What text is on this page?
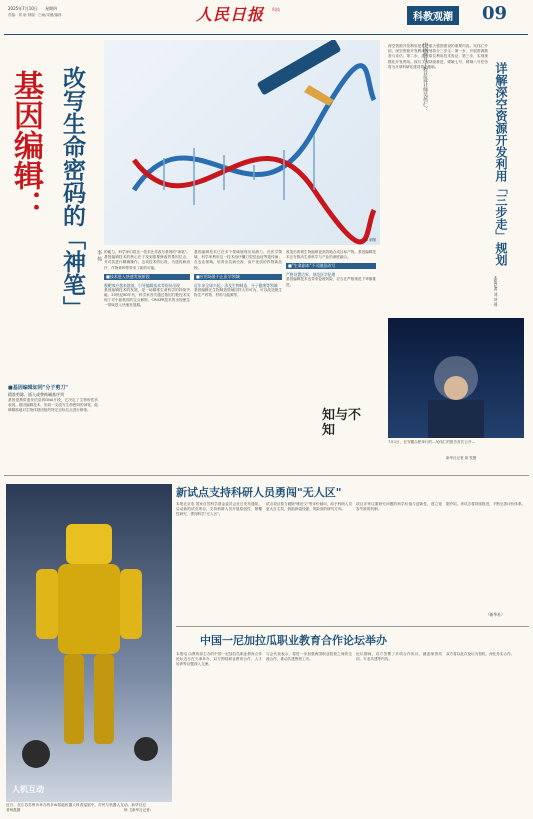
2025年7月10日 星期四
责编：刘 晗 制版：白雨/宋薇/编排	人民日报 科技
科教观潮	09
改写生命密码的「神笔」
基因编辑：
李 伟
AI 制图
■基因编辑如同"分子剪刀"
精准剪除、插入或替换碱基序列
基因是携带遗传信息的DNA片段，它决定了生物的性状表现。基因编辑技术，如同一支改写生命密码的神笔，能够精准地对生物体基因组的特定目标位点进行修饰。
的能力。科学家们将这一技术比作改写基因的"神笔"。基因编辑技术的核心在于找到需要修改的基因位点，并对其进行精确操作。这项技术的出现，为遗传病治疗、作物育种等带来了新的可能。
■技术进入快速发展阶段
脱靶效应越来越低、引导编辑技术等纷纷出现
基因编辑技术的发展，是一场精准生命科学的持续突破。20世纪80年代，科学家首次通过基因打靶技术实现了对小鼠基因的定点修饰，CRISPR技术的出现使这一领域进入快速发展期。
基因编辑技术已在多个领域展现应用潜力。在医学领域，科学家利用这一技术治疗镰刀型贫血症等遗传病；在农业领域，培育出抗病虫害、高产优质的作物新品种。
■应用场景不止医学领域
近年来全球兴起，涉及生物制造、分子健康等领域
基因编辑在生物制造领域同样大有可为，可以改造微生物生产药物、材料与能源等。
改造后的微生物能够更高效地合成目标产物。基因编辑技术正在推动生命科学与产业的深度融合。
■"生命剧本"不可随意改写
严格设置边界，规范医学伦理
基因编辑技术也带来伦理风险，应当在严格规范下审慎推进。
知与不知
中国探月工程总设计师吴伟仁：	详解深空资源开发利用「三步走」规划
深空资源开发利用是推进航天强国建设的重要内容。吴伟仁介绍，深空资源开发利用规划将分三步走：第一步，开展资源勘查与评估；第二步，进行原位利用技术验证；第三步，实现规模化开发利用。探月工程持续推进，嫦娥七号、嫦娥八号任务将为月球科研站建设奠定基础。
本报记者 刘 诗 瑶
7月1日，在安徽合肥举行的...吴伟仁的报告首次公开...
新华社记者 周 牧摄
新试点支持科研人员勇闯"无人区"
本报北京电 国家自然科学基金委员会近日发布通知，启动新的试点项目，支持科研人员开展原创性、颠覆性研究，勇闯科学"无人区"。
试点项目着力破除"唯论文"等评价倾向，给予科研人员更大自主权，鼓励探索性强、风险高的研究方向。
项目评审注重研究问题的科学价值与创新性，建立宽容失败的机制。
据介绍，该试点将持续推进，不断完善评价体系。
（新华社）
人机互动
近日，在江苏苏州市举办的多AI智能机器人科普巡展中，市民与机器人互动。新华社记者杨磊摄	杨 卫新华社记者）
中国一尼加拉瓜职业教育合作论坛举办
本报电 由教育部主办的中国一尼加拉瓜职业教育合作论坛近日在天津举办，双方围绕职业教育合作、人才培养等议题深入交流。
与会代表表示，将进一步加强两国职业院校之间的交流合作，推动共建鲁班工坊。
论坛期间，双方签署了多项合作协议，涵盖师资培训、专业共建等内容。
双方将以此次论坛为契机，深化务实合作。
